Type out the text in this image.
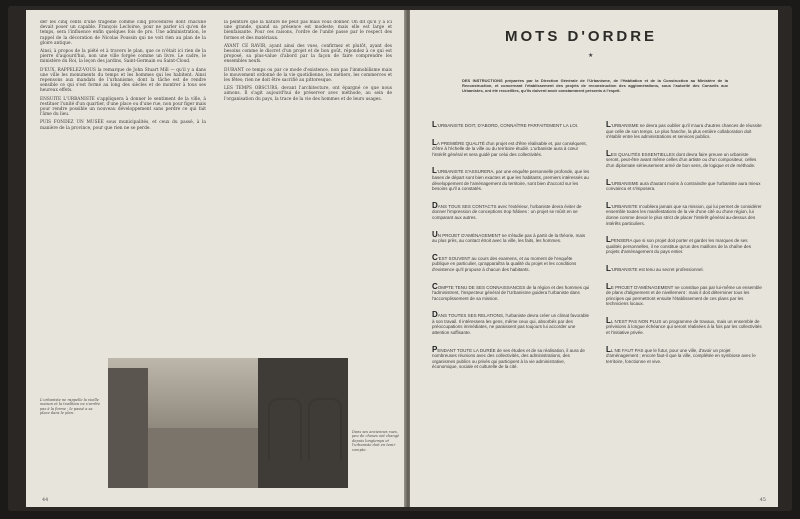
der les cinq cents d'une tragédie comme cinq procédures dont chacune devait poser un capable. François Lecloirse, pour ne parler ici qu'en de temps, sera l'influence enfin quelques fois de pro. Une administration, le rappel de la décoration de Nicolas Poussin qui ne voit rien au plan de la gloire antique.

Ainsi, à propos de la piété et à travers le plan, que ce n'était ici rien de la pierre d'aujourd'hui, non une ville forgée comme un livre. Le cadre, le ministère du Roi, la leçon des jardins, Saint-Germain ou Saint-Cloud.

D'EUX, RAPPELEZ-VOUS la remarque de John Stuart Mill — qu'il y a dans une ville les monuments du temps et les hommes qui les habitent. Ainsi repensons aux mandats de l'urbanisme, dont la tâche est de rendre sensible ce qui s'est formé au long des siècles et de montrer à tous ses heureux effets.

ENSUITE L'URBANISTE s'appliquera à donner le sentiment de la ville, à restituer l'unité d'un quartier, d'une place ou d'une rue, non pour figer mais pour rendre possible un nouveau développement sans perdre ce qui fait l'âme du lieu.

PUIS FONDEZ UN MUSÉE sous municipalités, et ceux du passé, à la manière de la province, pour que rien ne se perde.

la peinture que la nature ne peut pas mais vous donner. On dit qu'il y a ici une grande, quand sa présence est modeste; mais elle est large et bienfaisante. Pour ces raisons, l'ordre de l'unité passe par le respect des formes et des matériaux.

AYANT CE RAVIR, ayant ainsi des vues, confirmez et plutôt, ayant des besoins comme le discret d'un projet et de bon goût, répondez à ce qui est proposé, sa plus-value d'abord par la façon de faire comprendre les ensembles neufs.

DURANT ce temps ou par ce mode d'existence, non pas l'immobilisme mais le mouvement ordonné de la vie quotidienne, les métiers, les commerces et les fêtes; rien ne doit être sacrifié au pittoresque.

LES TEMPS OBSCURS, devant l'architecture, ont épargné ce que nous aimons. Il s'agit aujourd'hui de préserver avec méthode, au sein de l'organisation du pays, la trace de la vie des hommes et de leurs usages.

L'urbaniste ne rappelle la vieille maison et la tradition ne s'arrête pas à la forme ; le passé a sa place dans le plan.
Dans ses anciennes rues, peu de choses ont changé depuis longtemps et l'urbaniste doit en tenir compte.
44
MOTS D'ORDRE
★
DES INSTRUCTIONS préparées par la Direction Générale de l'Urbanisme, de l'Habitation et de la Construction au Ministère de la Reconstruction, et concernant l'établissement des projets de reconstruction des agglomérations, sous l'autorité des Conseils aux Urbanistes, ont été recueillies, qu'ils doivent avoir constamment présents à l'esprit.
L'URBANISTE DOIT, D'ABORD, CONNAÎTRE PARFAITEMENT LA LOI.
LA PREMIÈRE QUALITÉ d'un projet est d'être réalisable et, par conséquent, d'être à l'échelle de la ville ou du territoire étudié. L'urbaniste aura à cœur l'intérêt général et sera guidé par celui des collectivités.
L'URBANISTE S'ASSURERA, par une enquête personnelle profonde, que les bases de départ sont bien exactes et que les habitants, premiers intéressés au développement de l'aménagement du territoire, sont bien d'accord sur les besoins qu'il a constatés.
DANS TOUS SES CONTACTS avec l'extérieur, l'urbaniste devra éviter de donner l'impression de conceptions trop hâtives : un projet se mûrit en se comparant aux autres.
UN PROJET D'AMÉNAGEMENT ne s'étudie pas à partir de la théorie, mais au plus près, au contact étroit avec la ville, les faits, les hommes.
C'EST SOUVENT au cours des examens, et au moment de l'enquête publique en particulier, qu'apparaîtra la qualité du projet et les conditions d'existence qu'il propose à chacun des habitants.
COMPTE TENU DE SES CONNAISSANCES de la région et des hommes qui l'administrent, l'inspecteur général de l'Urbanisme guidera l'urbaniste dans l'accomplissement de sa mission.
DANS TOUTES SES RELATIONS, l'urbaniste devra créer un climat favorable à son travail. Il intéressera les gens, même ceux qui, absorbés par des préoccupations immédiates, ne paraissent pas toujours lui accorder une attention suffisante.
PENDANT TOUTE LA DURÉE de ses études et de sa réalisation, il aura de nombreuses réunions avec des collectivités, des administrations, des organismes publics ou privés qui participent à la vie administrative, économique, sociale et culturelle de la cité.
L'URBANISME ne devra pas oublier qu'il n'aura d'autres chances de réussite que celle de son temps. Le plus franche, la plus entière collaboration doit s'établir entre les administrations et services publics.
LES QUALITÉS ESSENTIELLES dont devra faire preuve un urbaniste seront, peut-être avant même celles d'un artiste ou d'un compositeur, celles d'un diplomate sérieusement armé de bon sens, de logique et de méthode.
L'URBANISME aura d'autant moins à contraindre que l'urbaniste aura mieux convaincu et s'imposera.
L'URBANISTE n'oubliera jamais que sa mission, qui lui permet de considérer ensemble toutes les manifestations de la vie d'une cité ou d'une région, lui donne comme devoir le plus strict de placer l'intérêt général au-dessus des intérêts particuliers.
LPENSERA que si son projet doit porter et garder les marques de ses qualités personnelles, il ne constitue qu'un des maillons de la chaîne des projets d'aménagement du pays entier.
L'URBANISTE est tenu au secret professionnel.
LE PROJET D'AMÉNAGEMENT ne constitue pas par lui-même un ensemble de plans d'alignement et de nivellement : mais il doit déterminer tous les principes qui permettront ensuite l'établissement de ces plans par les techniciens locaux.
LL N'EST PAS NON PLUS un programme de travaux, mais un ensemble de prévisions à longue échéance qui seront réalisées à la fois par les collectivités et l'initiative privée.
LL NE FAUT PAS que le futur, pour une ville, d'avoir un projet d'aménagement ; encore faut-il que la ville, complétée en symbiose avec le territoire, fonctionne et vive.
45
